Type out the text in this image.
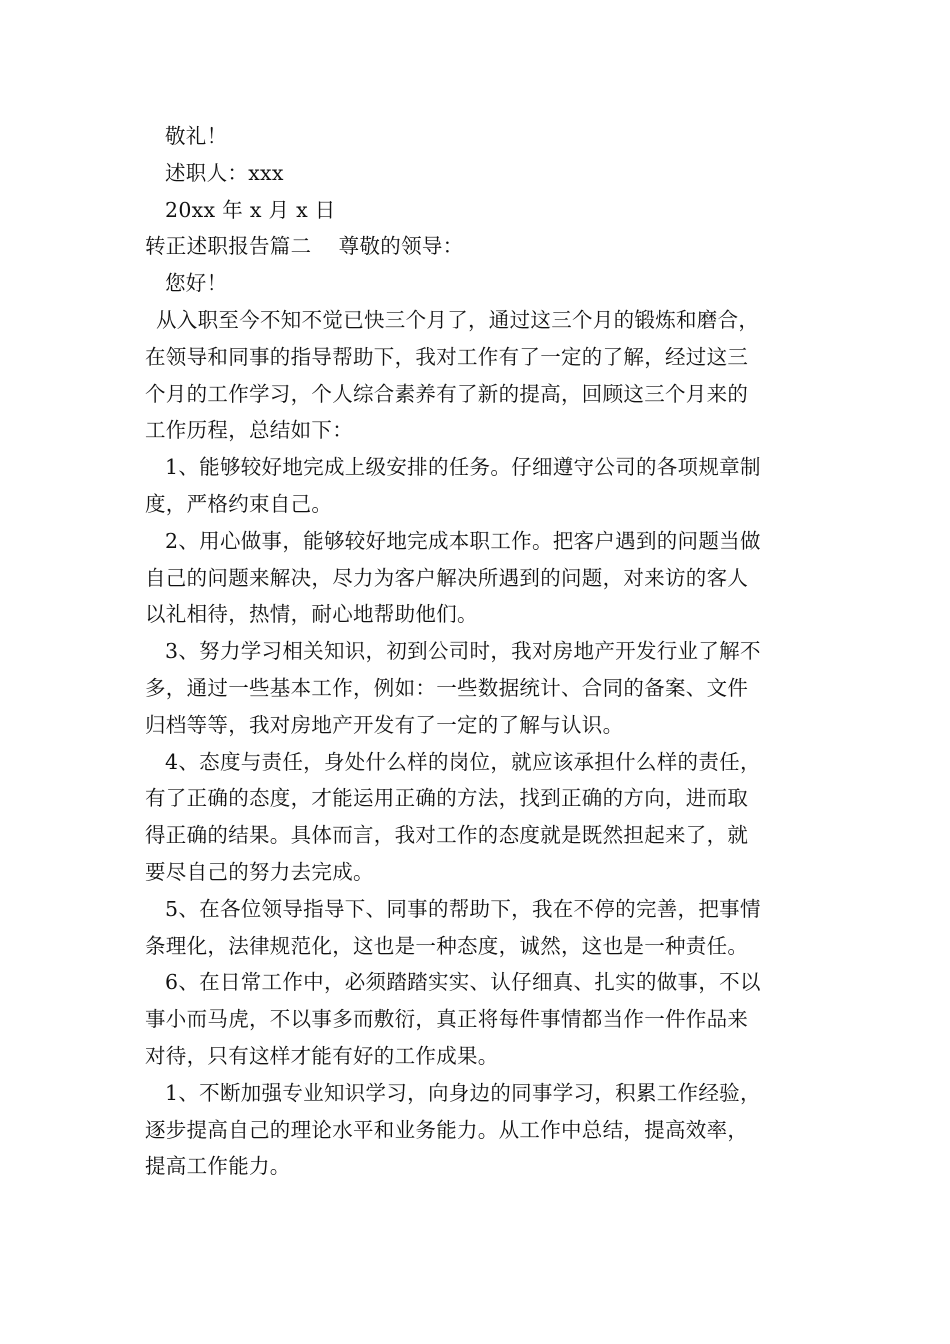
敬礼！
述职人：xxx
20xx 年 x 月 x 日
转正述职报告篇二    尊敬的领导：
您好！
从入职至今不知不觉已快三个月了，通过这三个月的锻炼和磨合，
在领导和同事的指导帮助下，我对工作有了一定的了解，经过这三
个月的工作学习，个人综合素养有了新的提高，回顾这三个月来的
工作历程，总结如下：
1、能够较好地完成上级安排的任务。仔细遵守公司的各项规章制
度，严格约束自己。
2、用心做事，能够较好地完成本职工作。把客户遇到的问题当做
自己的问题来解决，尽力为客户解决所遇到的问题，对来访的客人
以礼相待，热情，耐心地帮助他们。
3、努力学习相关知识，初到公司时，我对房地产开发行业了解不
多，通过一些基本工作，例如：一些数据统计、合同的备案、文件
归档等等，我对房地产开发有了一定的了解与认识。
4、态度与责任，身处什么样的岗位，就应该承担什么样的责任，
有了正确的态度，才能运用正确的方法，找到正确的方向，进而取
得正确的结果。具体而言，我对工作的态度就是既然担起来了，就
要尽自己的努力去完成。
5、在各位领导指导下、同事的帮助下，我在不停的完善，把事情
条理化，法律规范化，这也是一种态度，诚然，这也是一种责任。
6、在日常工作中，必须踏踏实实、认仔细真、扎实的做事，不以
事小而马虎，不以事多而敷衍，真正将每件事情都当作一件作品来
对待，只有这样才能有好的工作成果。
1、不断加强专业知识学习，向身边的同事学习，积累工作经验，
逐步提高自己的理论水平和业务能力。从工作中总结，提高效率，
提高工作能力。
